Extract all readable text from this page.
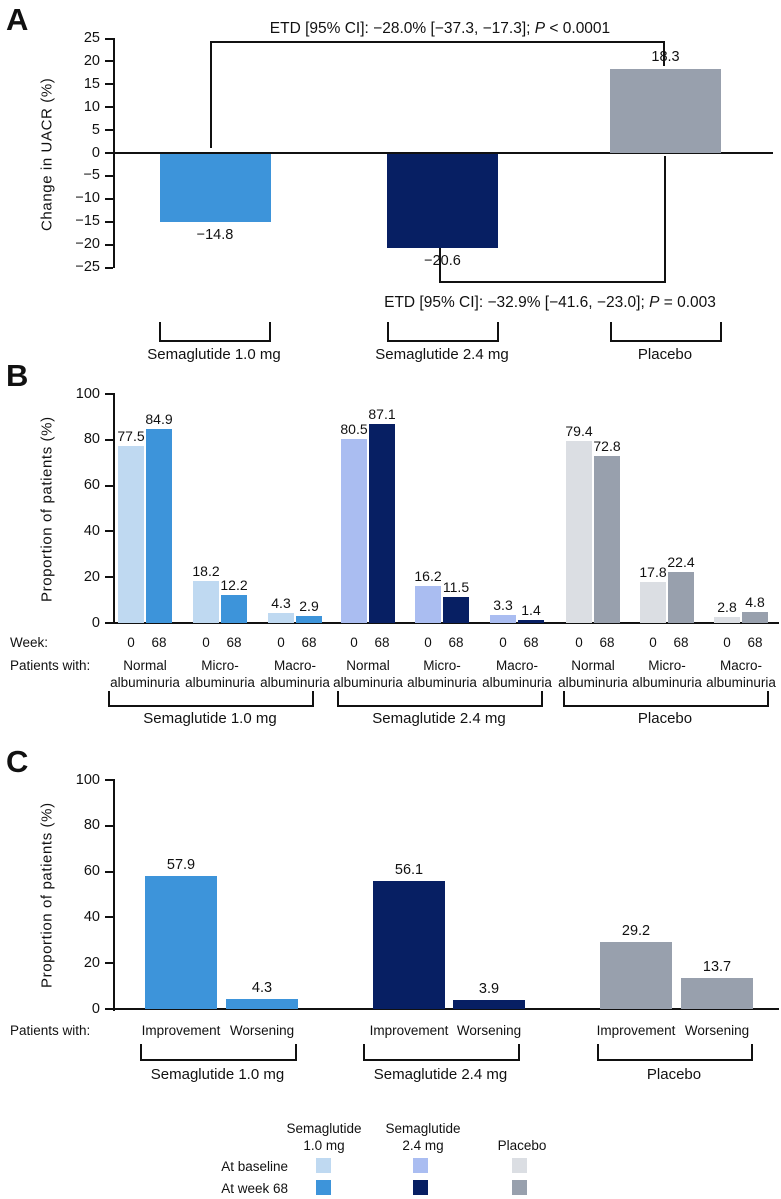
A
Change in UACR (%)
ETD [95% CI]: −28.0% [−37.3, −17.3]; P < 0.0001
ETD [95% CI]: −32.9% [−41.6, −23.0]; P = 0.003
B
Proportion of patients (%)
Week:
Patients with:
C
Proportion of patients (%)
Patients with:
25
20
15
10
5
0
−5
−10
−15
−20
−25
−14.8
−20.6
18.3
Semaglutide 1.0 mg	Semaglutide 2.4 mg	Placebo
0
20
40
60
80
100
77.5
84.9
0	68
Normal
albuminuria
18.2
12.2
0	68
Micro-
albuminuria
4.3 2.9
0	68
Macro-
albuminuria
80.5
87.1
0	68
Normal
albuminuria
16.2
11.5
0	68
Micro-
albuminuria
3.3 1.4
0	68
Macro-
albuminuria
79.4
72.8
0	68
Normal
albuminuria
17.8
22.4
0	68
Micro-
albuminuria
2.8 4.8
0	68
Macro-
albuminuria
Semaglutide 1.0 mg	Semaglutide 2.4 mg	Placebo
0
20
40
60
80
100
57.9
Improvement
4.3
Worsening
56.1
Improvement
3.9
Worsening
29.2
Improvement
13.7
Worsening
Semaglutide 1.0 mg	Semaglutide 2.4 mg	Placebo
Semaglutide
1.0 mg
Semaglutide
2.4 mg	Placebo
At baseline
At week 68
